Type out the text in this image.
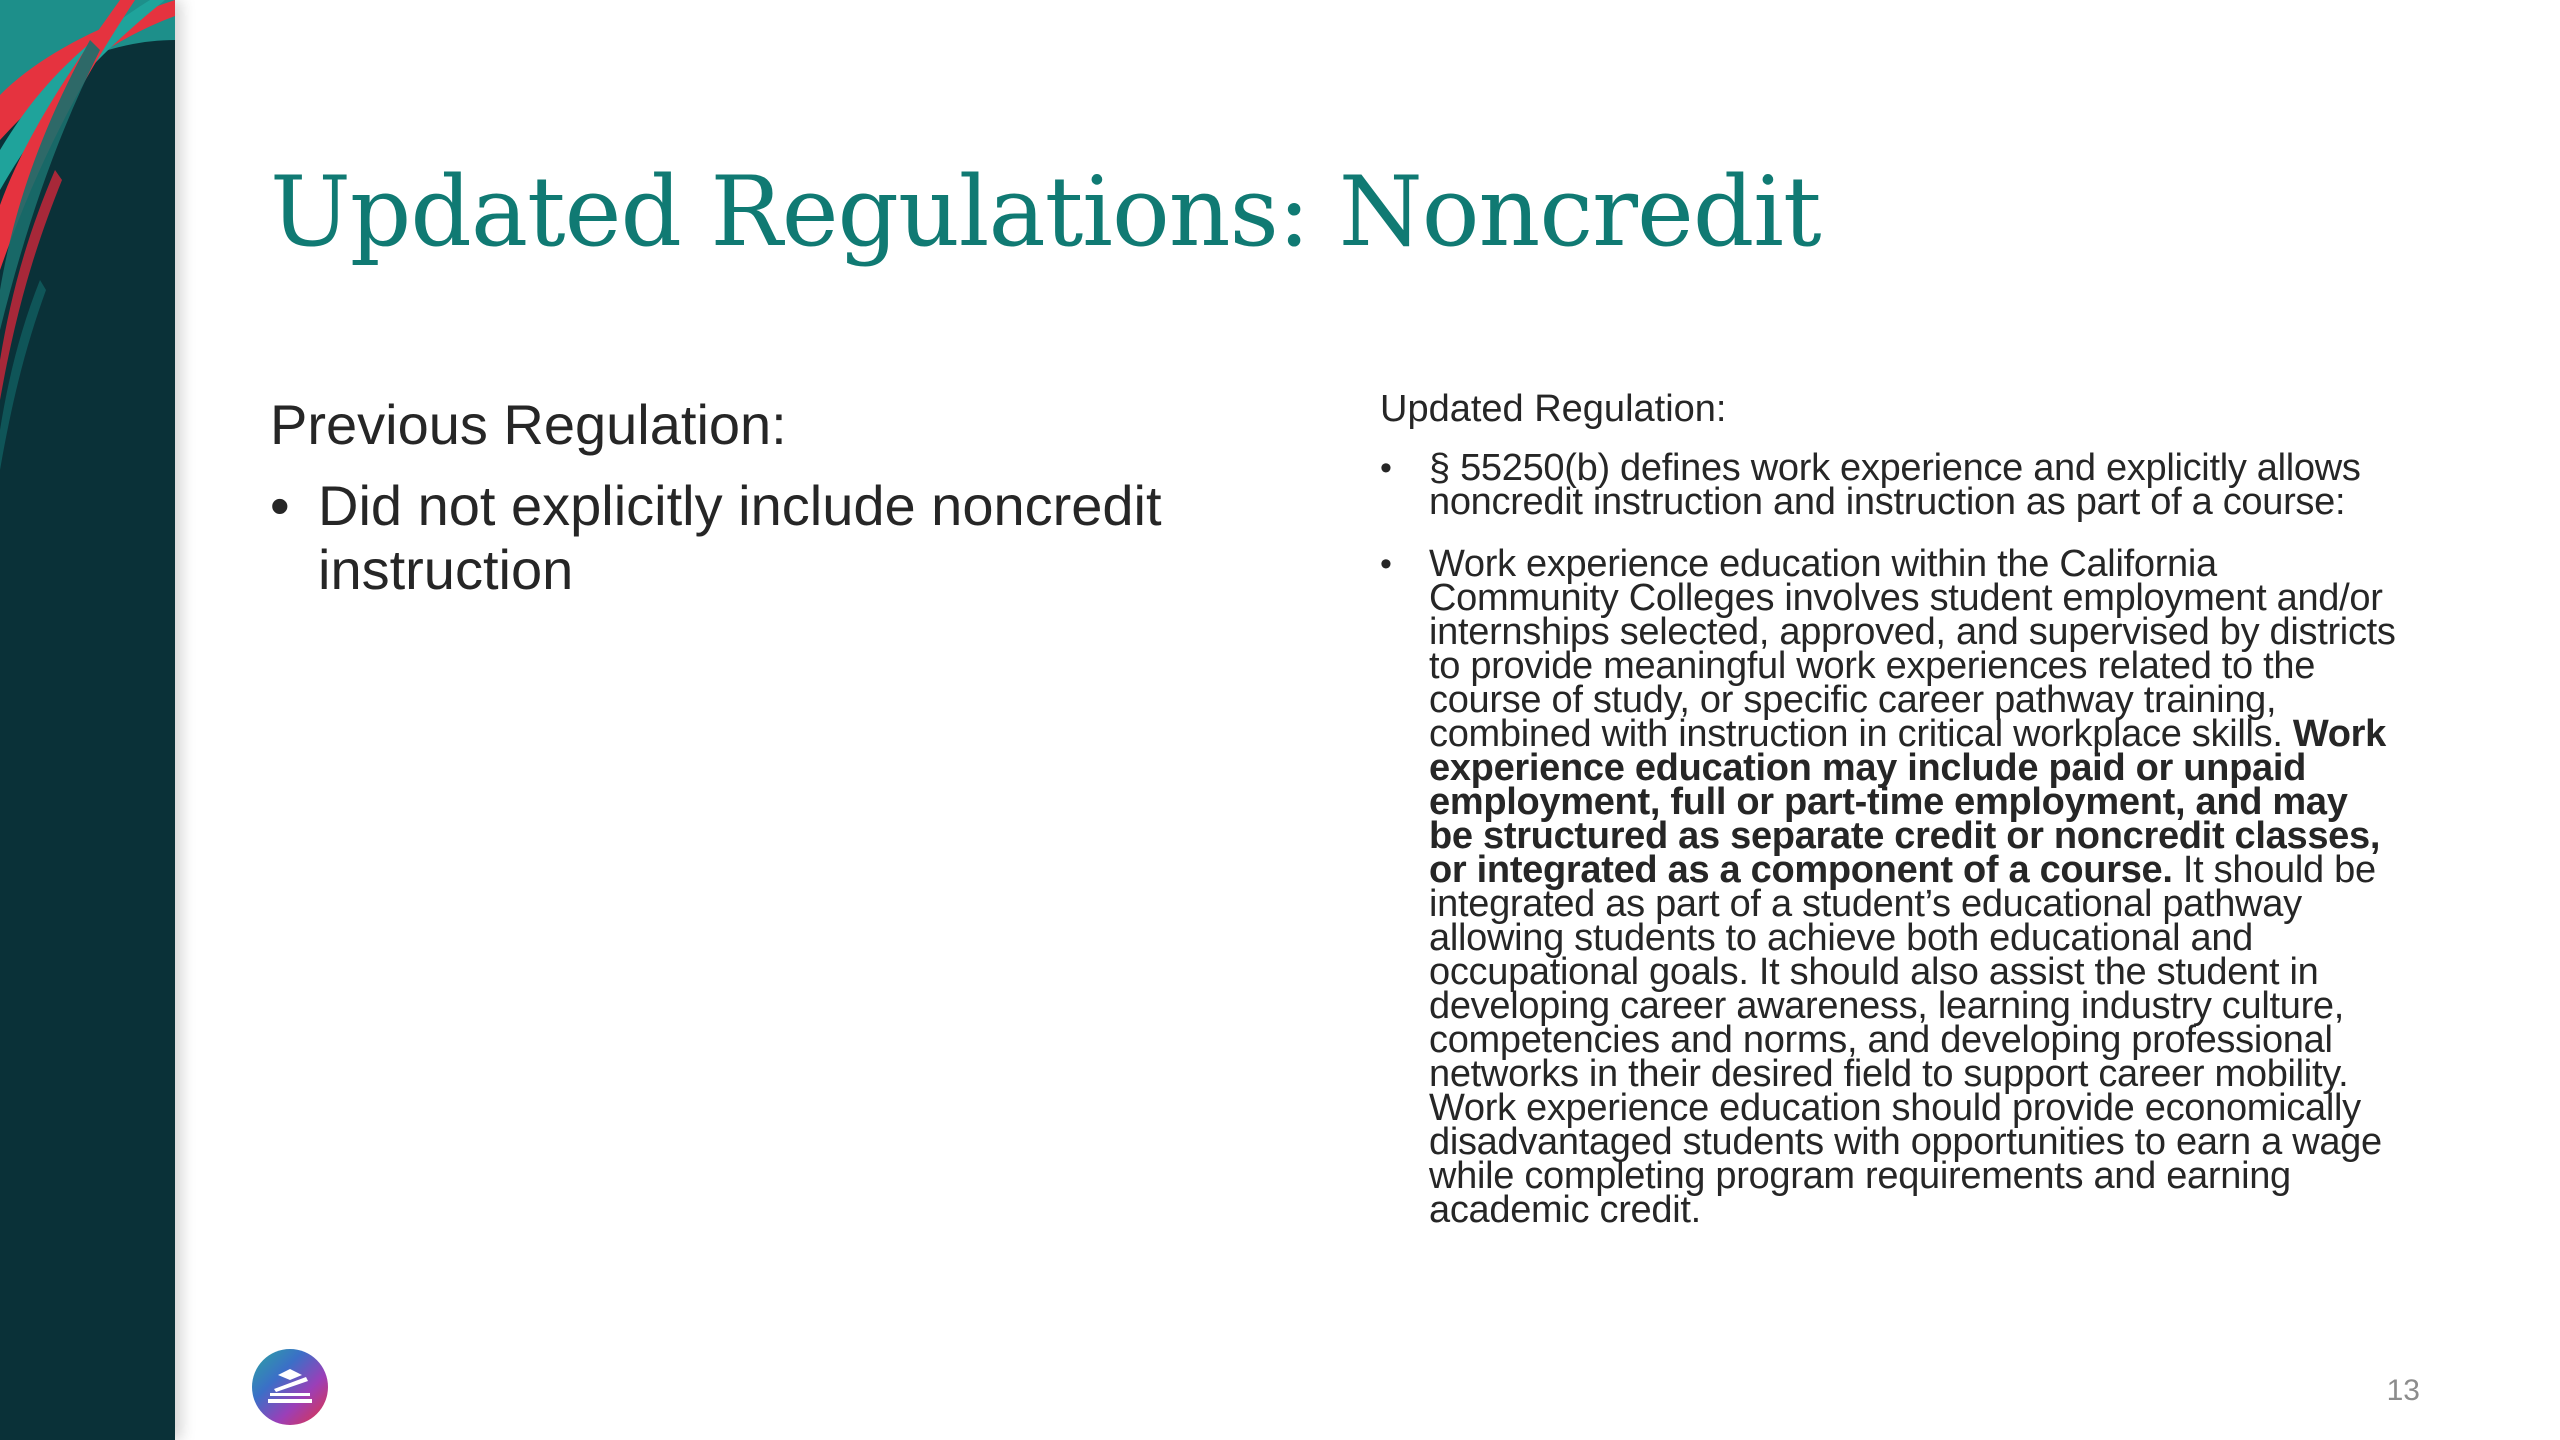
Updated Regulations: Noncredit
Previous Regulation:
• Did not explicitly include noncredit instruction
Updated Regulation:
• § 55250(b) defines work experience and explicitly allows noncredit instruction and instruction as part of a course:
• Work experience education within the California Community Colleges involves student employment and/or internships selected, approved, and supervised by districts to provide meaningful work experiences related to the course of study, or specific career pathway training, combined with instruction in critical workplace skills. Work experience education may include paid or unpaid employment, full or part-time employment, and may be structured as separate credit or noncredit classes, or integrated as a component of a course. It should be integrated as part of a student’s educational pathway allowing students to achieve both educational and occupational goals. It should also assist the student in developing career awareness, learning industry culture, competencies and norms, and developing professional networks in their desired field to support career mobility. Work experience education should provide economically disadvantaged students with opportunities to earn a wage while completing program requirements and earning academic credit.
13
